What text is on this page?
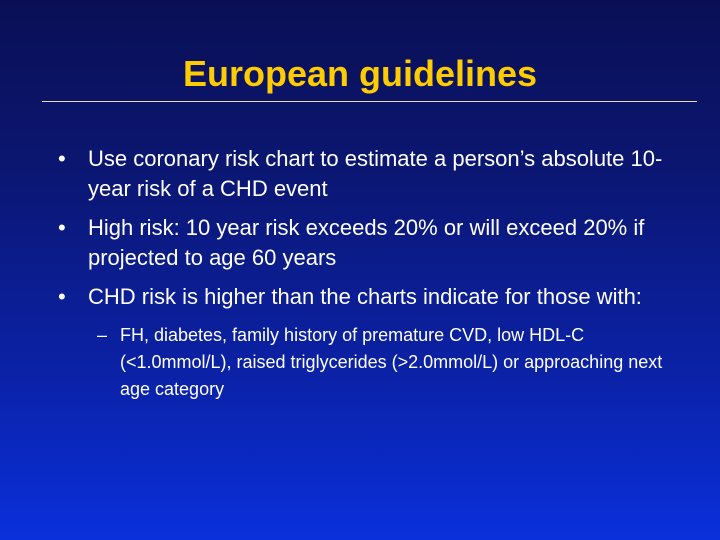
European guidelines
• Use coronary risk chart to estimate a person’s absolute 10-year risk of a CHD event
• High risk: 10 year risk exceeds 20% or will exceed 20% if projected to age 60 years
• CHD risk is higher than the charts indicate for those with:
– FH, diabetes, family history of premature CVD, low HDL-C (<1.0mmol/L), raised triglycerides (>2.0mmol/L) or approaching next age category
